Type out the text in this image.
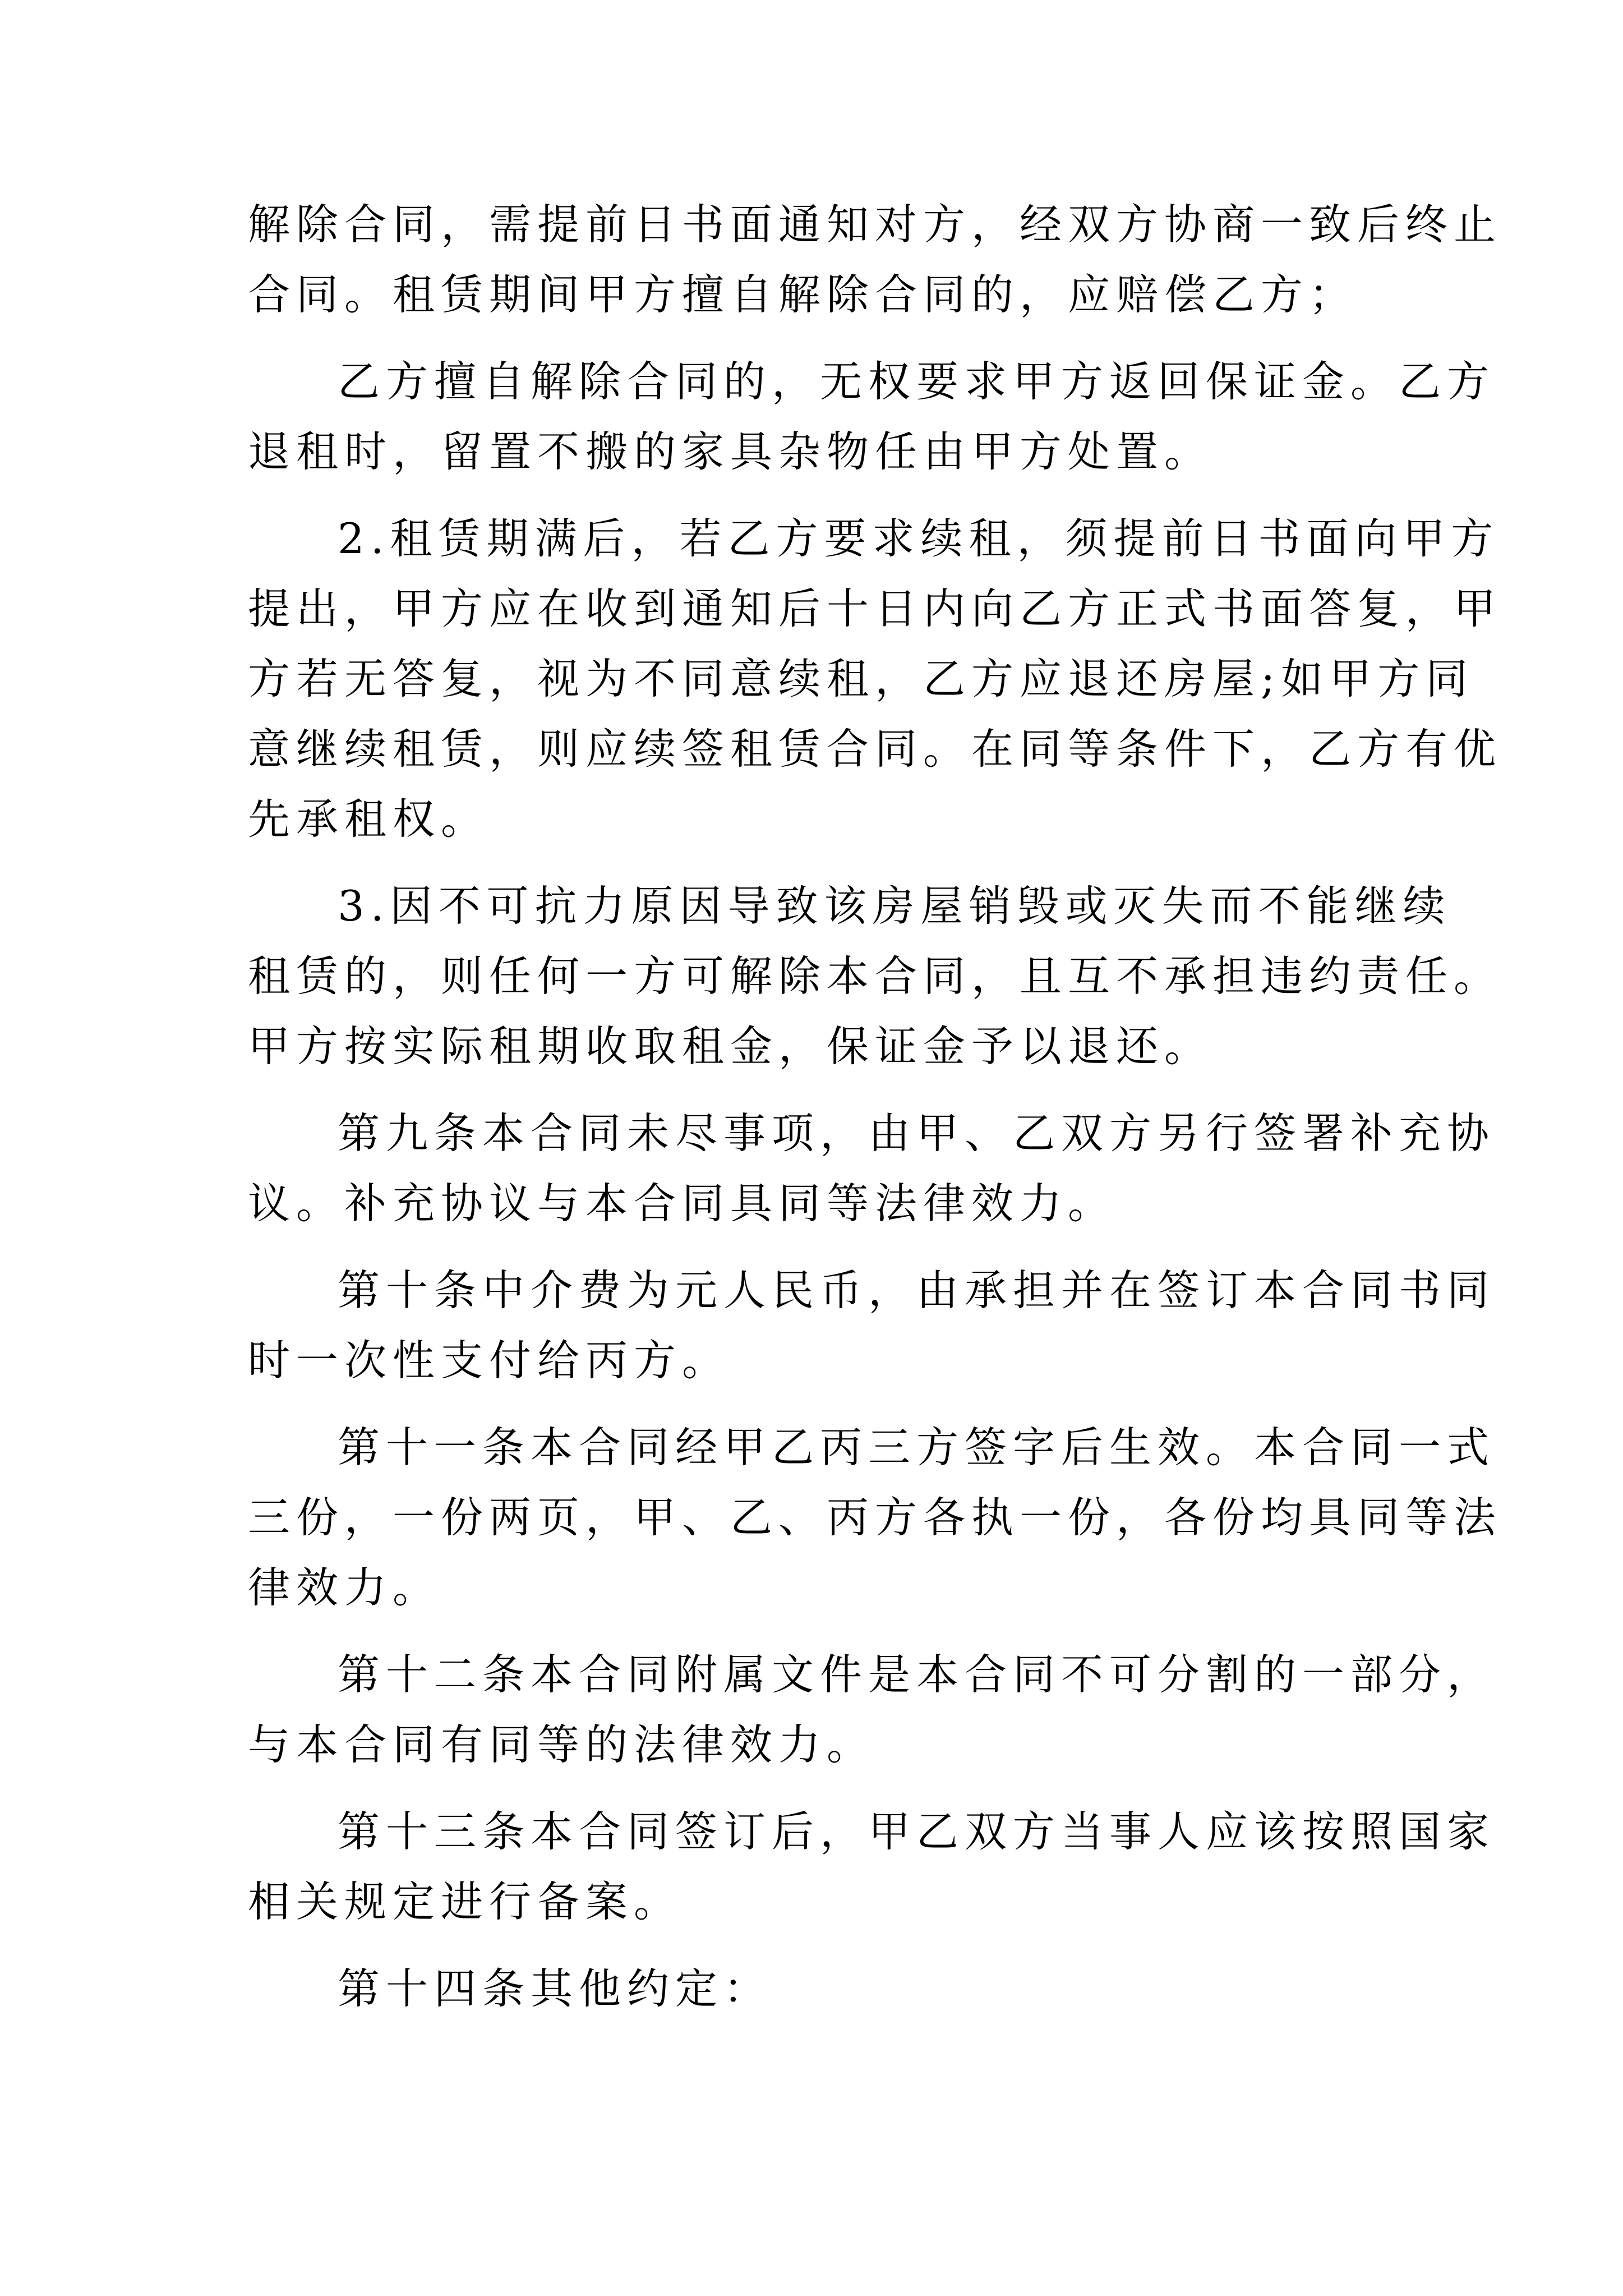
解除合同，需提前日书面通知对方，经双方协商一致后终止
合同。租赁期间甲方擅自解除合同的，应赔偿乙方；
乙方擅自解除合同的，无权要求甲方返回保证金。乙方
退租时，留置不搬的家具杂物任由甲方处置。
2.租赁期满后，若乙方要求续租，须提前日书面向甲方
提出，甲方应在收到通知后十日内向乙方正式书面答复，甲
方若无答复，视为不同意续租，乙方应退还房屋;如甲方同
意继续租赁，则应续签租赁合同。在同等条件下，乙方有优
先承租权。
3.因不可抗力原因导致该房屋销毁或灭失而不能继续
租赁的，则任何一方可解除本合同，且互不承担违约责任。
甲方按实际租期收取租金，保证金予以退还。
第九条本合同未尽事项，由甲、乙双方另行签署补充协
议。补充协议与本合同具同等法律效力。
第十条中介费为元人民币，由承担并在签订本合同书同
时一次性支付给丙方。
第十一条本合同经甲乙丙三方签字后生效。本合同一式
三份，一份两页，甲、乙、丙方各执一份，各份均具同等法
律效力。
第十二条本合同附属文件是本合同不可分割的一部分，
与本合同有同等的法律效力。
第十三条本合同签订后，甲乙双方当事人应该按照国家
相关规定进行备案。
第十四条其他约定：
